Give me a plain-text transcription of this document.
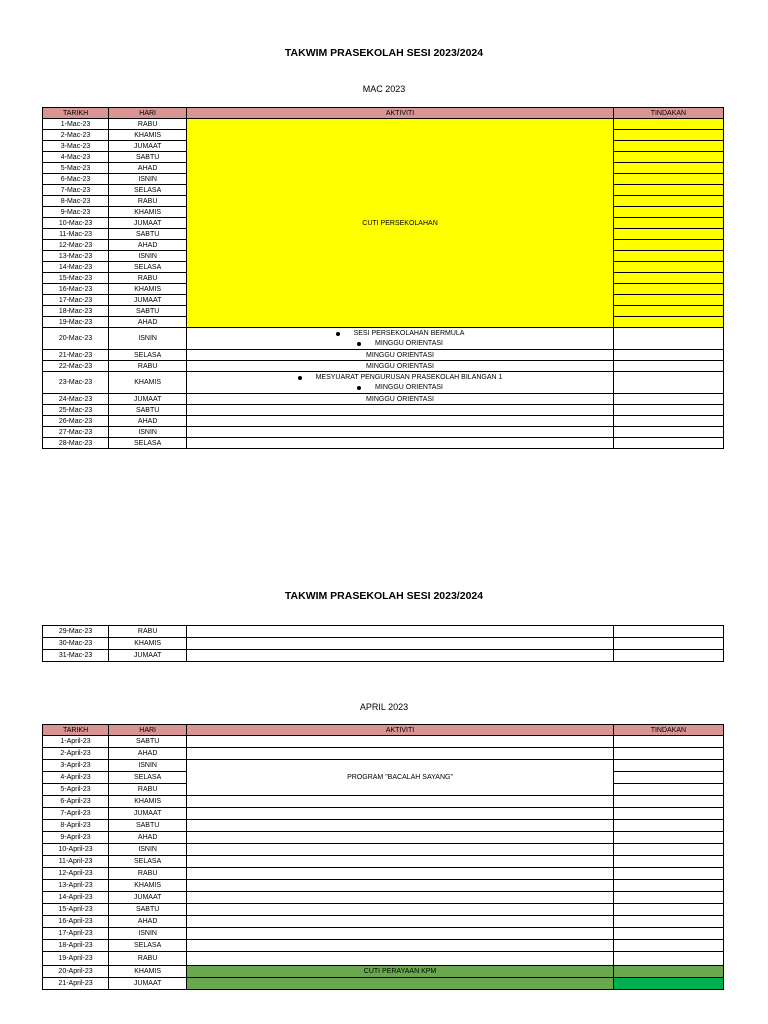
TAKWIM PRASEKOLAH SESI 2023/2024
MAC 2023
TARIKH	HARI	AKTIVITI	TINDAKAN
1-Mac-23	RABU	CUTI PERSEKOLAHAN	
2-Mac-23	KHAMIS		
3-Mac-23	JUMAAT		
4-Mac-23	SABTU		
5-Mac-23	AHAD		
6-Mac-23	ISNIN		
7-Mac-23	SELASA		
8-Mac-23	RABU		
9-Mac-23	KHAMIS		
10-Mac-23	JUMAAT		
11-Mac-23	SABTU		
12-Mac-23	AHAD		
13-Mac-23	ISNIN		
14-Mac-23	SELASA		
15-Mac-23	RABU		
16-Mac-23	KHAMIS		
17-Mac-23	JUMAAT		
18-Mac-23	SABTU		
19-Mac-23	AHAD		
20-Mac-23	ISNIN	SESI PERSEKOLAHAN BERMULA
MINGGU ORIENTASI	

21-Mac-23	SELASA	MINGGU ORIENTASI	
22-Mac-23	RABU	MINGGU ORIENTASI	
23-Mac-23	KHAMIS	MESYUARAT PENGURUSAN PRASEKOLAH BILANGAN 1
MINGGU ORIENTASI	

24-Mac-23	JUMAAT	MINGGU ORIENTASI	
25-Mac-23	SABTU		
26-Mac-23	AHAD		
27-Mac-23	ISNIN		
28-Mac-23	SELASA		
TAKWIM PRASEKOLAH SESI 2023/2024
29-Mac-23	RABU		
30-Mac-23	KHAMIS		
31-Mac-23	JUMAAT		
APRIL 2023
TARIKH	HARI	AKTIVITI	TINDAKAN
1-April-23	SABTU		
2-April-23	AHAD		
3-April-23	ISNIN	PROGRAM "BACALAH SAYANG"	
4-April-23	SELASA		
5-April-23	RABU		
6-April-23	KHAMIS		
7-April-23	JUMAAT		
8-April-23	SABTU		
9-April-23	AHAD		
10-April-23	ISNIN		
11-April-23	SELASA		
12-April-23	RABU		
13-April-23	KHAMIS		
14-April-23	JUMAAT		
15-April-23	SABTU		
16-April-23	AHAD		
17-April-23	ISNIN		
18-April-23	SELASA		
19-April-23	RABU		
20-April-23	KHAMIS	CUTI PERAYAAN KPM	
21-April-23	JUMAAT		
